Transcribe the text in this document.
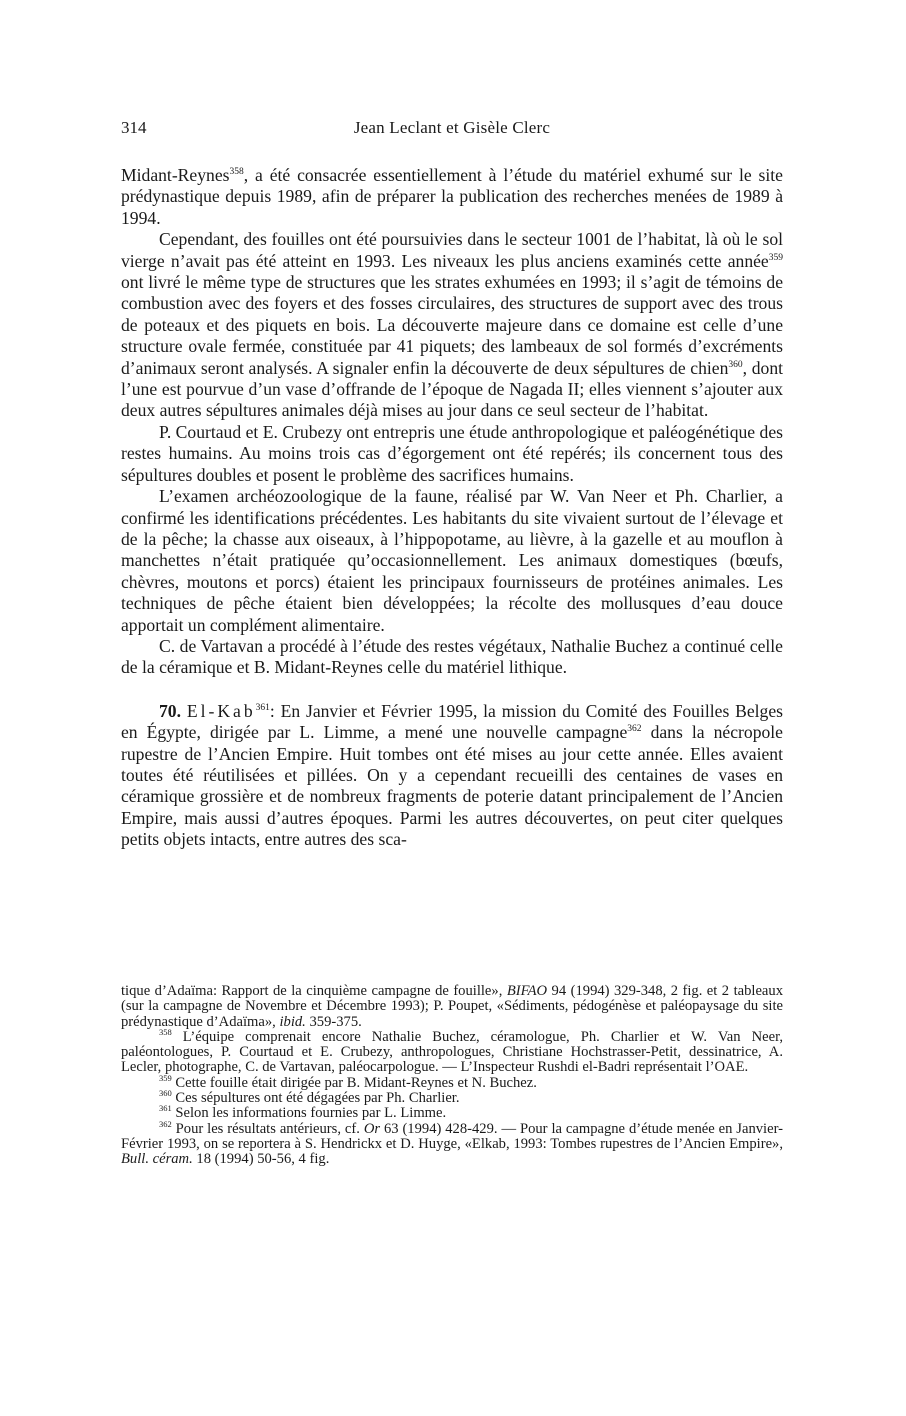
314	Jean Leclant et Gisèle Clerc

Midant-Reynes$^{358}$, a été consacrée essentiellement à l’étude du matériel exhumé sur le site prédynastique depuis 1989, afin de préparer la publication des recherches menées de 1989 à 1994.

Cependant, des fouilles ont été poursuivies dans le secteur 1001 de l’habitat, là où le sol vierge n’avait pas été atteint en 1993. Les niveaux les plus anciens examinés cette année$^{359}$ ont livré le même type de structures que les strates exhumées en 1993; il s’agit de témoins de combustion avec des foyers et des fosses circulaires, des structures de support avec des trous de poteaux et des piquets en bois. La découverte majeure dans ce domaine est celle d’une structure ovale fermée, constituée par 41 piquets; des lambeaux de sol formés d’excréments d’animaux seront analysés. A signaler enfin la découverte de deux sépultures de chien$^{360}$, dont l’une est pourvue d’un vase d’offrande de l’époque de Nagada II; elles viennent s’ajouter aux deux autres sépultures animales déjà mises au jour dans ce seul secteur de l’habitat.

P. Courtaud et E. Crubezy ont entrepris une étude anthropologique et paléogénétique des restes humains. Au moins trois cas d’égorgement ont été repérés; ils concernent tous des sépultures doubles et posent le problème des sacrifices humains.

L’examen archéozoologique de la faune, réalisé par W. Van Neer et Ph. Charlier, a confirmé les identifications précédentes. Les habitants du site vivaient surtout de l’élevage et de la pêche; la chasse aux oiseaux, à l’hippopotame, au lièvre, à la gazelle et au mouflon à manchettes n’était pratiquée qu’occasionnellement. Les animaux domestiques (bœufs, chèvres, moutons et porcs) étaient les principaux fournisseurs de protéines animales. Les techniques de pêche étaient bien développées; la récolte des mollusques d’eau douce apportait un complément alimentaire.

C. de Vartavan a procédé à l’étude des restes végétaux, Nathalie Buchez a continué celle de la céramique et B. Midant-Reynes celle du matériel lithique.

70. El-Kab$^{361}$: En Janvier et Février 1995, la mission du Comité des Fouilles Belges en Égypte, dirigée par L. Limme, a mené une nouvelle campagne$^{362}$ dans la nécropole rupestre de l’Ancien Empire. Huit tombes ont été mises au jour cette année. Elles avaient toutes été réutilisées et pillées. On y a cependant recueilli des centaines de vases en céramique grossière et de nombreux fragments de poterie datant principalement de l’Ancien Empire, mais aussi d’autres époques. Parmi les autres découvertes, on peut citer quelques petits objets intacts, entre autres des sca-

tique d’Adaïma: Rapport de la cinquième campagne de fouille», BIFAO 94 (1994) 329-348, 2 fig. et 2 tableaux (sur la campagne de Novembre et Décembre 1993); P. Poupet, «Sédiments, pédogénèse et paléopaysage du site prédynastique d’Adaïma», ibid. 359-375.

$^{358}$ L’équipe comprenait encore Nathalie Buchez, céramologue, Ph. Charlier et W. Van Neer, paléontologues, P. Courtaud et E. Crubezy, anthropologues, Christiane Hochstrasser-Petit, dessinatrice, A. Lecler, photographe, C. de Vartavan, paléocarpologue. — L’Inspecteur Rushdi el-Badri représentait l’OAE.

$^{359}$ Cette fouille était dirigée par B. Midant-Reynes et N. Buchez.

$^{360}$ Ces sépultures ont été dégagées par Ph. Charlier.

$^{361}$ Selon les informations fournies par L. Limme.

$^{362}$ Pour les résultats antérieurs, cf. Or 63 (1994) 428-429. — Pour la campagne d’étude menée en Janvier-Février 1993, on se reportera à S. Hendrickx et D. Huyge, «Elkab, 1993: Tombes rupestres de l’Ancien Empire», Bull. céram. 18 (1994) 50-56, 4 fig.
